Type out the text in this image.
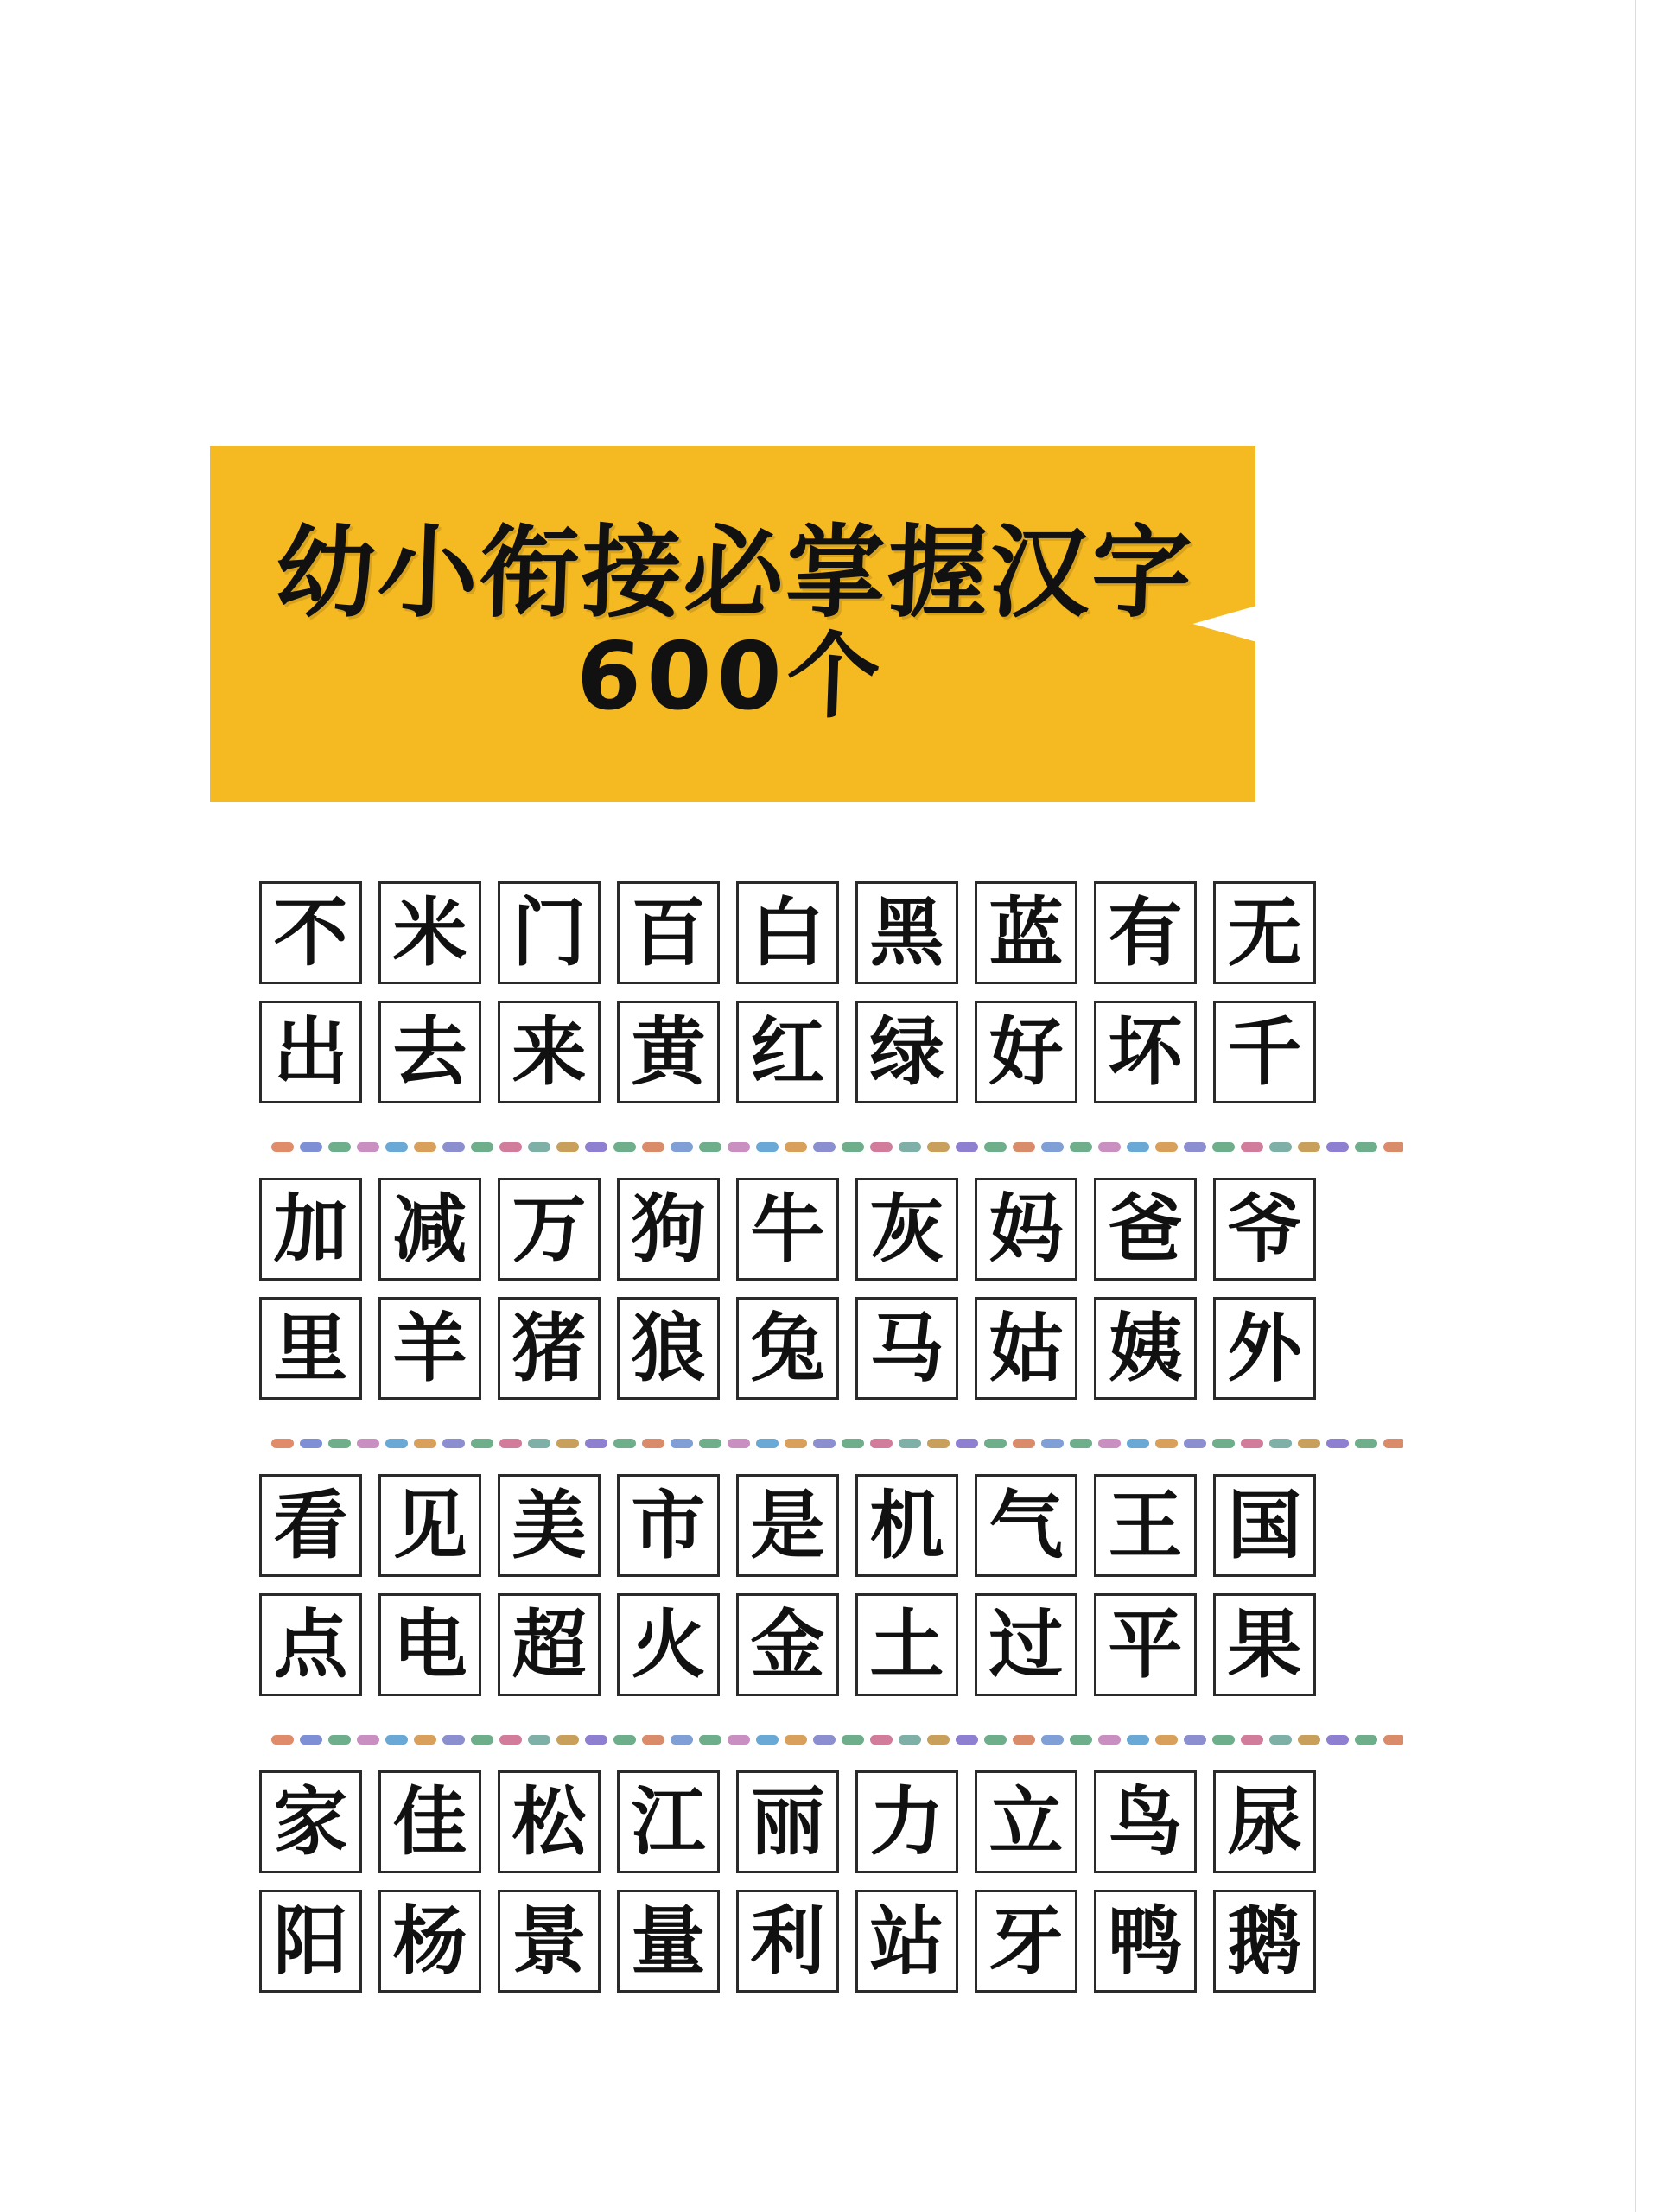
幼小衔接必掌握汉字
600个
不 米 门 百 白 黑 蓝 有 无
出 去 来 黄 红 绿 好 坏 千
加 减 万 狗 牛 灰 妈 爸 爷
里 羊 猪 狼 兔 马 姑 姨 外
看 见 美 市 是 机 气 王 国
点 电 超 火 金 土 过 平 果
家 佳 松 江 丽 力 立 鸟 尿
阳 杨 景 量 利 站 牙 鸭 鹅
